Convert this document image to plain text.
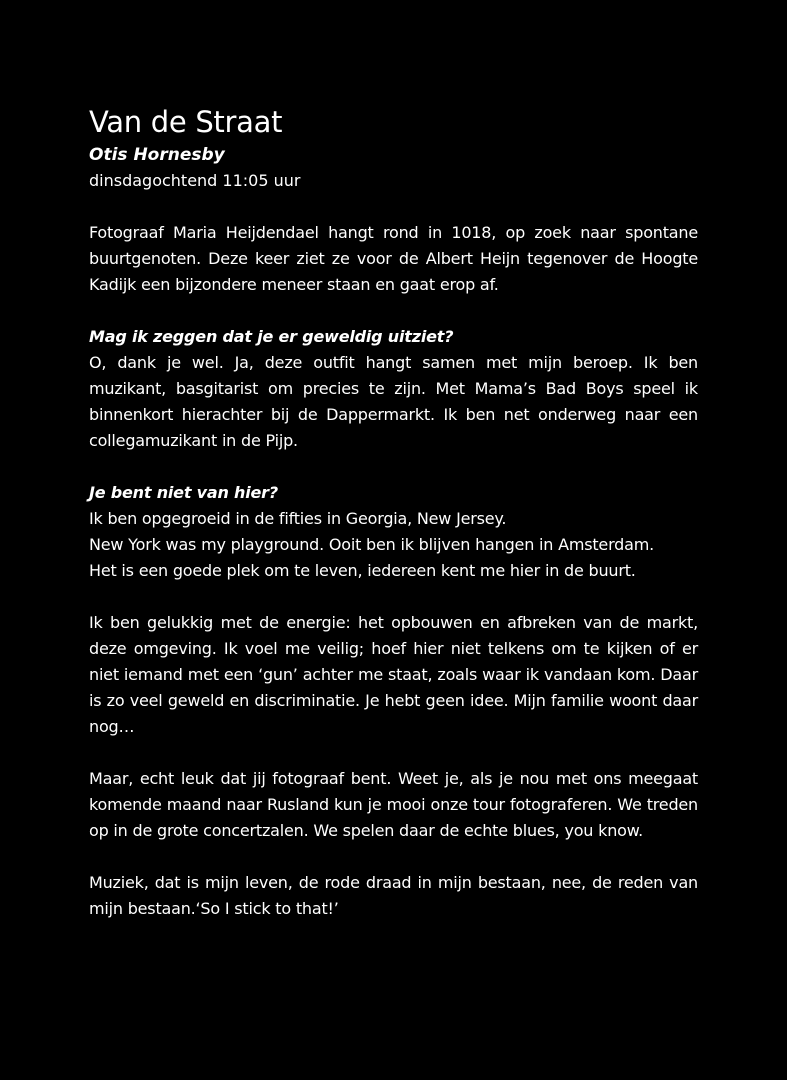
Van de Straat

Otis Hornesby

dinsdagochtend 11:05 uur

Fotograaf Maria Heijdendael hangt rond in 1018, op zoek naar spontane buurtgenoten. Deze keer ziet ze voor de Albert Heijn tegenover de Hoogte Kadijk een bijzondere meneer staan en gaat erop af.

Mag ik zeggen dat je er geweldig uitziet?

O, dank je wel. Ja, deze outfit hangt samen met mijn beroep. Ik ben muzikant, basgitarist om precies te zijn. Met Mama’s Bad Boys speel ik binnenkort hierachter bij de Dappermarkt. Ik ben net onderweg naar een collegamuzikant in de Pijp.

Je bent niet van hier?

Ik ben opgegroeid in de fifties in Georgia, New Jersey.

New York was my playground. Ooit ben ik blijven hangen in Amsterdam.

Het is een goede plek om te leven, iedereen kent me hier in de buurt.

Ik ben gelukkig met de energie: het opbouwen en afbreken van de markt, deze omgeving. Ik voel me veilig; hoef hier niet telkens om te kijken of er niet iemand met een ‘gun’ achter me staat, zoals waar ik vandaan kom. Daar is zo veel geweld en discriminatie. Je hebt geen idee. Mijn familie woont daar nog…

Maar, echt leuk dat jij fotograaf bent. Weet je, als je nou met ons meegaat komende maand naar Rusland kun je mooi onze tour fotograferen. We treden op in de grote concertzalen. We spelen daar de echte blues, you know.

Muziek, dat is mijn leven, de rode draad in mijn bestaan, nee, de reden van mijn bestaan.‘So I stick to that!’
